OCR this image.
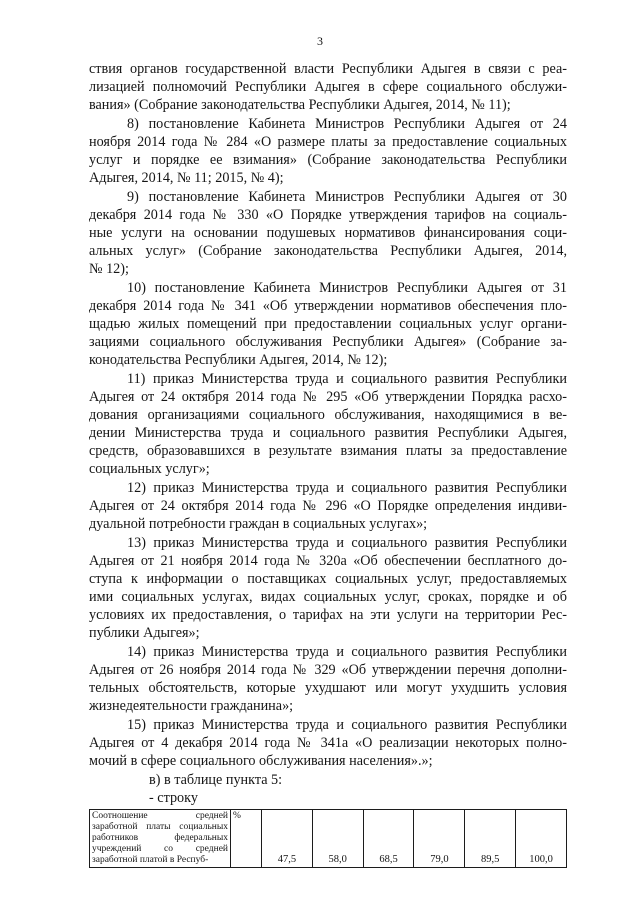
3
ствия органов государственной власти Республики Адыгея в связи с реа-
лизацией полномочий Республики Адыгея в сфере социального обслужи-
вания» (Собрание законодательства Республики Адыгея, 2014, № 11);
8) постановление Кабинета Министров Республики Адыгея от 24
ноября 2014 года № 284 «О размере платы за предоставление социальных
услуг и порядке ее взимания» (Собрание законодательства Республики
Адыгея, 2014, № 11; 2015, № 4);
9) постановление Кабинета Министров Республики Адыгея от 30
декабря 2014 года № 330 «О Порядке утверждения тарифов на социаль-
ные услуги на основании подушевых нормативов финансирования соци-
альных услуг» (Собрание законодательства Республики Адыгея, 2014,
№ 12);
10) постановление Кабинета Министров Республики Адыгея от 31
декабря 2014 года № 341 «Об утверждении нормативов обеспечения пло-
щадью жилых помещений при предоставлении социальных услуг органи-
зациями социального обслуживания Республики Адыгея» (Собрание за-
конодательства Республики Адыгея, 2014, № 12);
11) приказ Министерства труда и социального развития Республики
Адыгея от 24 октября 2014 года № 295 «Об утверждении Порядка расхо-
дования организациями социального обслуживания, находящимися в ве-
дении Министерства труда и социального развития Республики Адыгея,
средств, образовавшихся в результате взимания платы за предоставление
социальных услуг»;
12) приказ Министерства труда и социального развития Республики
Адыгея от 24 октября 2014 года № 296 «О Порядке определения индиви-
дуальной потребности граждан в социальных услугах»;
13) приказ Министерства труда и социального развития Республики
Адыгея от 21 ноября 2014 года № 320а «Об обеспечении бесплатного до-
ступа к информации о поставщиках социальных услуг, предоставляемых
ими социальных услугах, видах социальных услуг, сроках, порядке и об
условиях их предоставления, о тарифах на эти услуги на территории Рес-
публики Адыгея»;
14) приказ Министерства труда и социального развития Республики
Адыгея от 26 ноября 2014 года № 329 «Об утверждении перечня дополни-
тельных обстоятельств, которые ухудшают или могут ухудшить условия
жизнедеятельности гражданина»;
15) приказ Министерства труда и социального развития Республики
Адыгея от 4 декабря 2014 года № 341а «О реализации некоторых полно-
мочий в сфере социального обслуживания населения».»;
в) в таблице пункта 5:
- строку
Соотношение средней заработной платы социальных работников федеральных учреждений со средней заработной платой в Респуб-	%	47,5	58,0	68,5	79,0	89,5	100,0
